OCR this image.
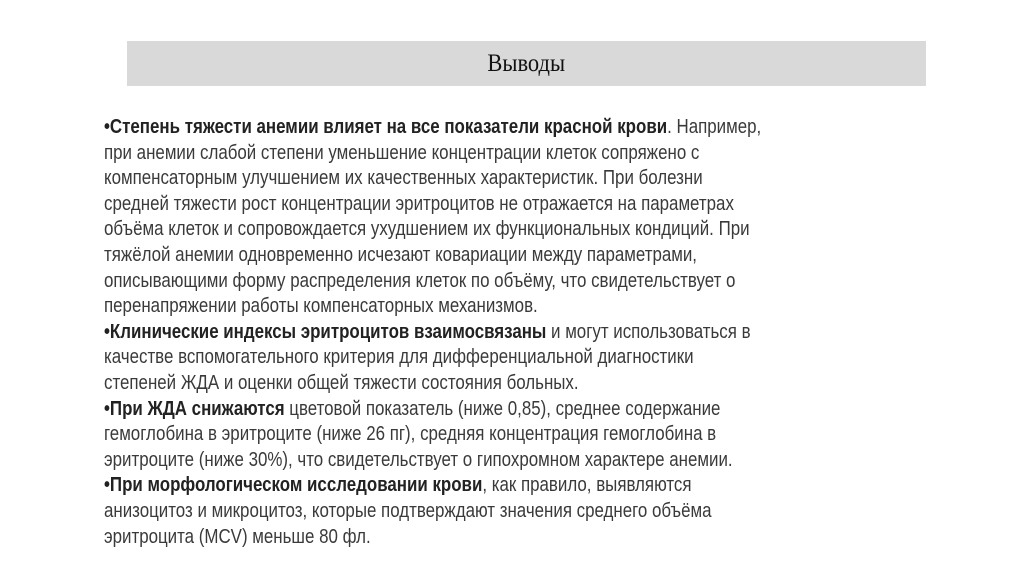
Выводы
•Степень тяжести анемии влияет на все показатели красной крови. Например,
при анемии слабой степени уменьшение концентрации клеток сопряжено с
компенсаторным улучшением их качественных характеристик. При болезни
средней тяжести рост концентрации эритроцитов не отражается на параметрах
объёма клеток и сопровождается ухудшением их функциональных кондиций. При
тяжёлой анемии одновременно исчезают ковариации между параметрами,
описывающими форму распределения клеток по объёму, что свидетельствует о
перенапряжении работы компенсаторных механизмов.
•Клинические индексы эритроцитов взаимосвязаны и могут использоваться в
качестве вспомогательного критерия для дифференциальной диагностики
степеней ЖДА и оценки общей тяжести состояния больных.
•При ЖДА снижаются цветовой показатель (ниже 0,85), среднее содержание
гемоглобина в эритроците (ниже 26 пг), средняя концентрация гемоглобина в
эритроците (ниже 30%), что свидетельствует о гипохромном характере анемии.
•При морфологическом исследовании крови, как правило, выявляются
анизоцитоз и микроцитоз, которые подтверждают значения среднего объёма
эритроцита (MCV) меньше 80 фл.
